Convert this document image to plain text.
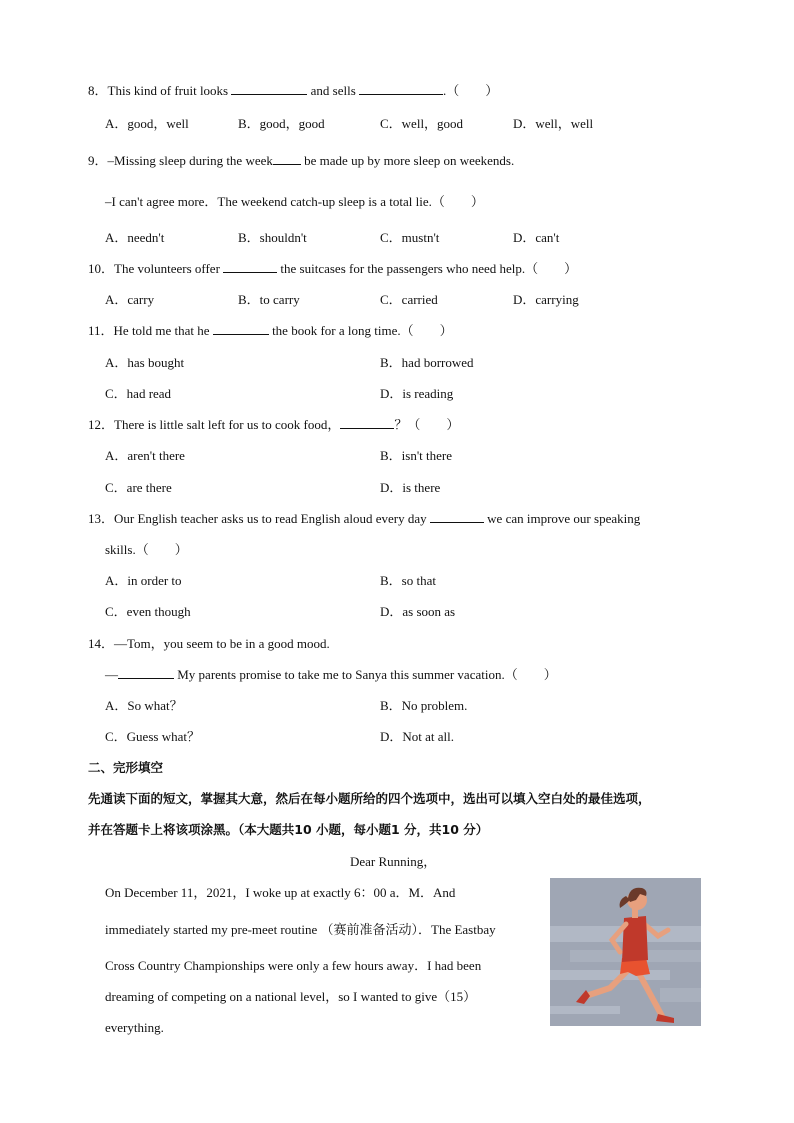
8．This kind of fruit looks	and sells	.（　　）
A．good，well	B．good，good	C．well，good	D．well，well
9．–Missing sleep during the week be made up by more sleep on weekends.
–I can't agree more．The weekend catch-up sleep is a total lie.（　　）
A．needn't	B．shouldn't	C．mustn't	D．can't
10．The volunteers offer	the suitcases for the passengers who need help.（　　）
A．carry	B．to carry	C．carried	D．carrying
11．He told me that he	the book for a long time.（　　）
A．has bought	B．had borrowed
C．had read	D．is reading
12．There is little salt left for us to cook food，	？（　　）
A．aren't there	B．isn't there
C．are there	D．is there
13．Our English teacher asks us to read English aloud every day	we can improve our speaking
skills.（　　）
A．in order to	B．so that
C．even though	D．as soon as
14．—Tom，you seem to be in a good mood.
—	My parents promise to take me to Sanya this summer vacation.（　　）
A．So what？	B．No problem.
C．Guess what？	D．Not at all.
二、完形填空
先通读下面的短文，掌握其大意，然后在每小题所给的四个选项中，选出可以填入空白处的最佳选项，
并在答题卡上将该项涂黑。（本大题共10 小题，每小题1 分，共10 分）
Dear Running，
On December 11，2021，I woke up at exactly 6：00 a．M．And
immediately started my pre-meet routine （赛前准备活动）．The Eastbay
Cross Country Championships were only a few hours away．I had been
dreaming of competing on a national level，so I wanted to give（15）
everything.
